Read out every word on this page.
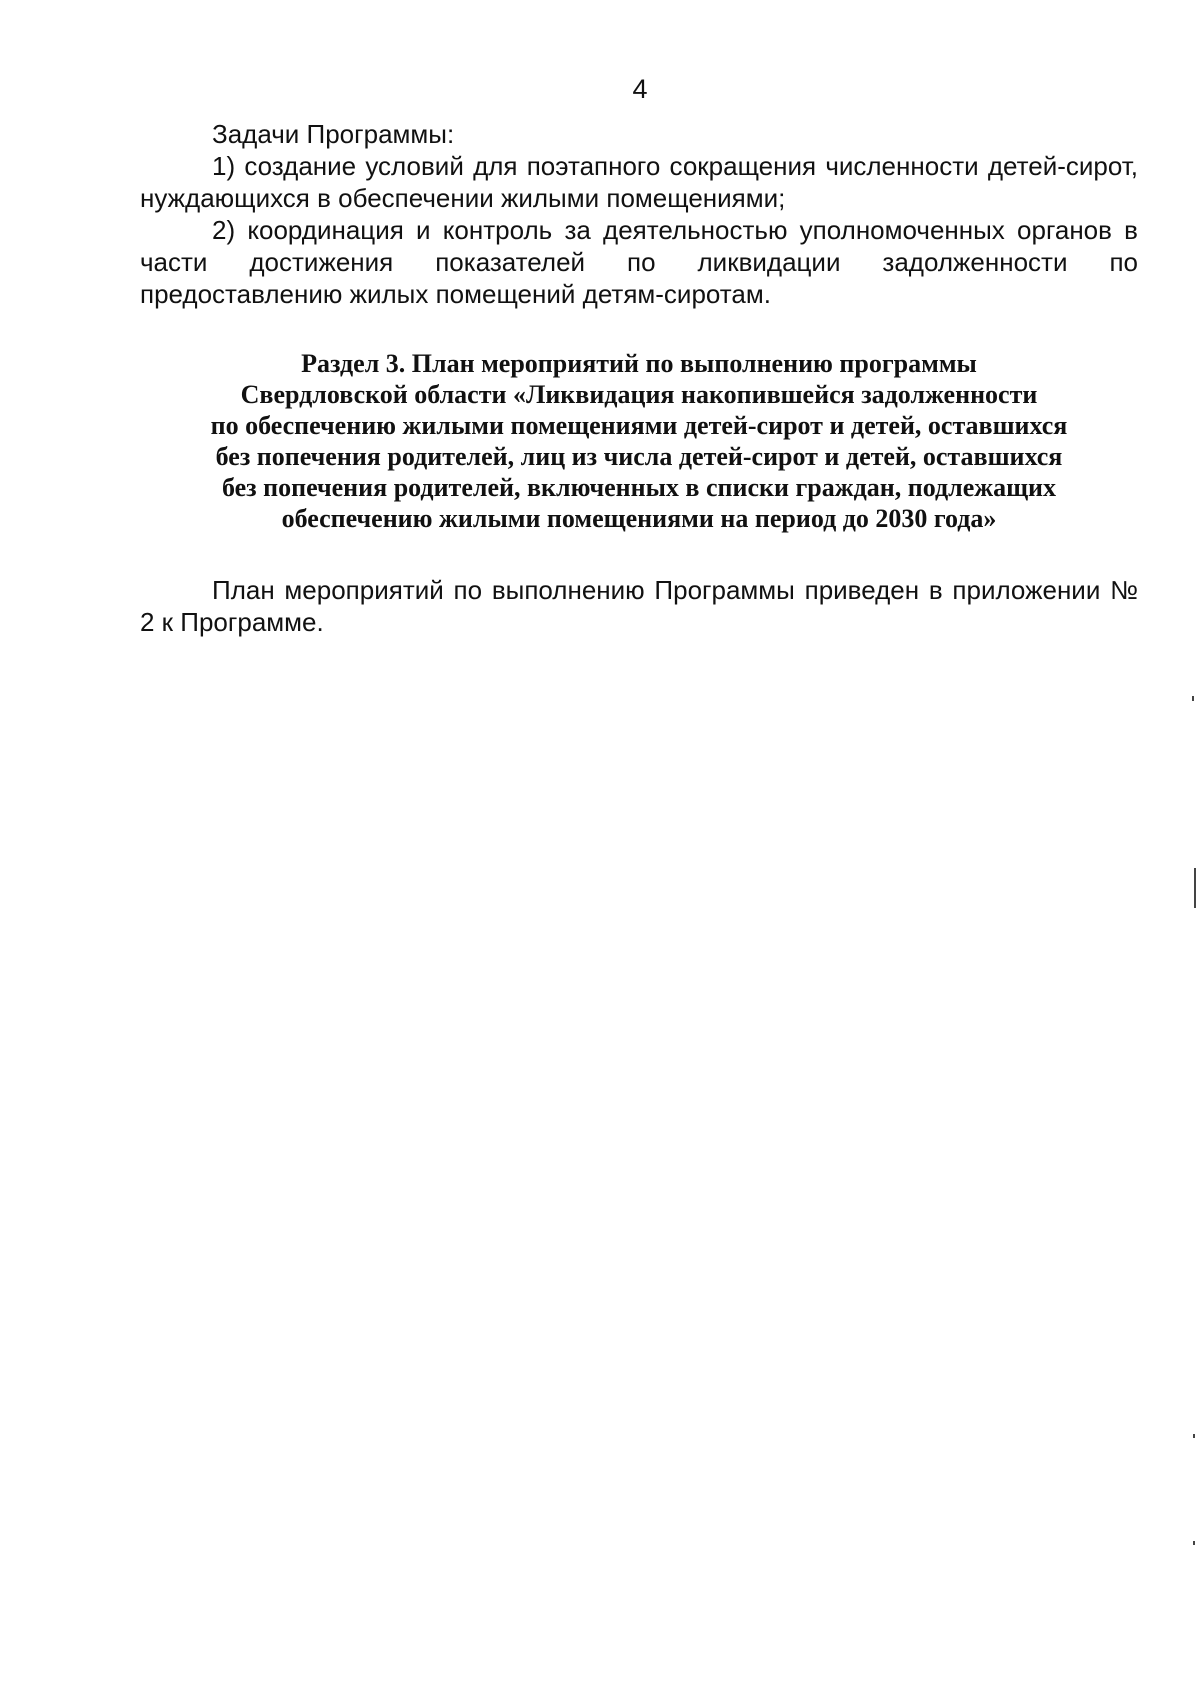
4

Задачи Программы:

1) создание условий для поэтапного сокращения численности детей-сирот, нуждающихся в обеспечении жилыми помещениями;

2) координация и контроль за деятельностью уполномоченных органов в части достижения показателей по ликвидации задолженности по предоставлению жилых помещений детям-сиротам.

Раздел 3. План мероприятий по выполнению программы
Свердловской области «Ликвидация накопившейся задолженности
по обеспечению жилыми помещениями детей-сирот и детей, оставшихся
без попечения родителей, лиц из числа детей-сирот и детей, оставшихся
без попечения родителей, включенных в списки граждан, подлежащих
обеспечению жилыми помещениями на период до 2030 года»

План мероприятий по выполнению Программы приведен в приложении № 2 к Программе.
